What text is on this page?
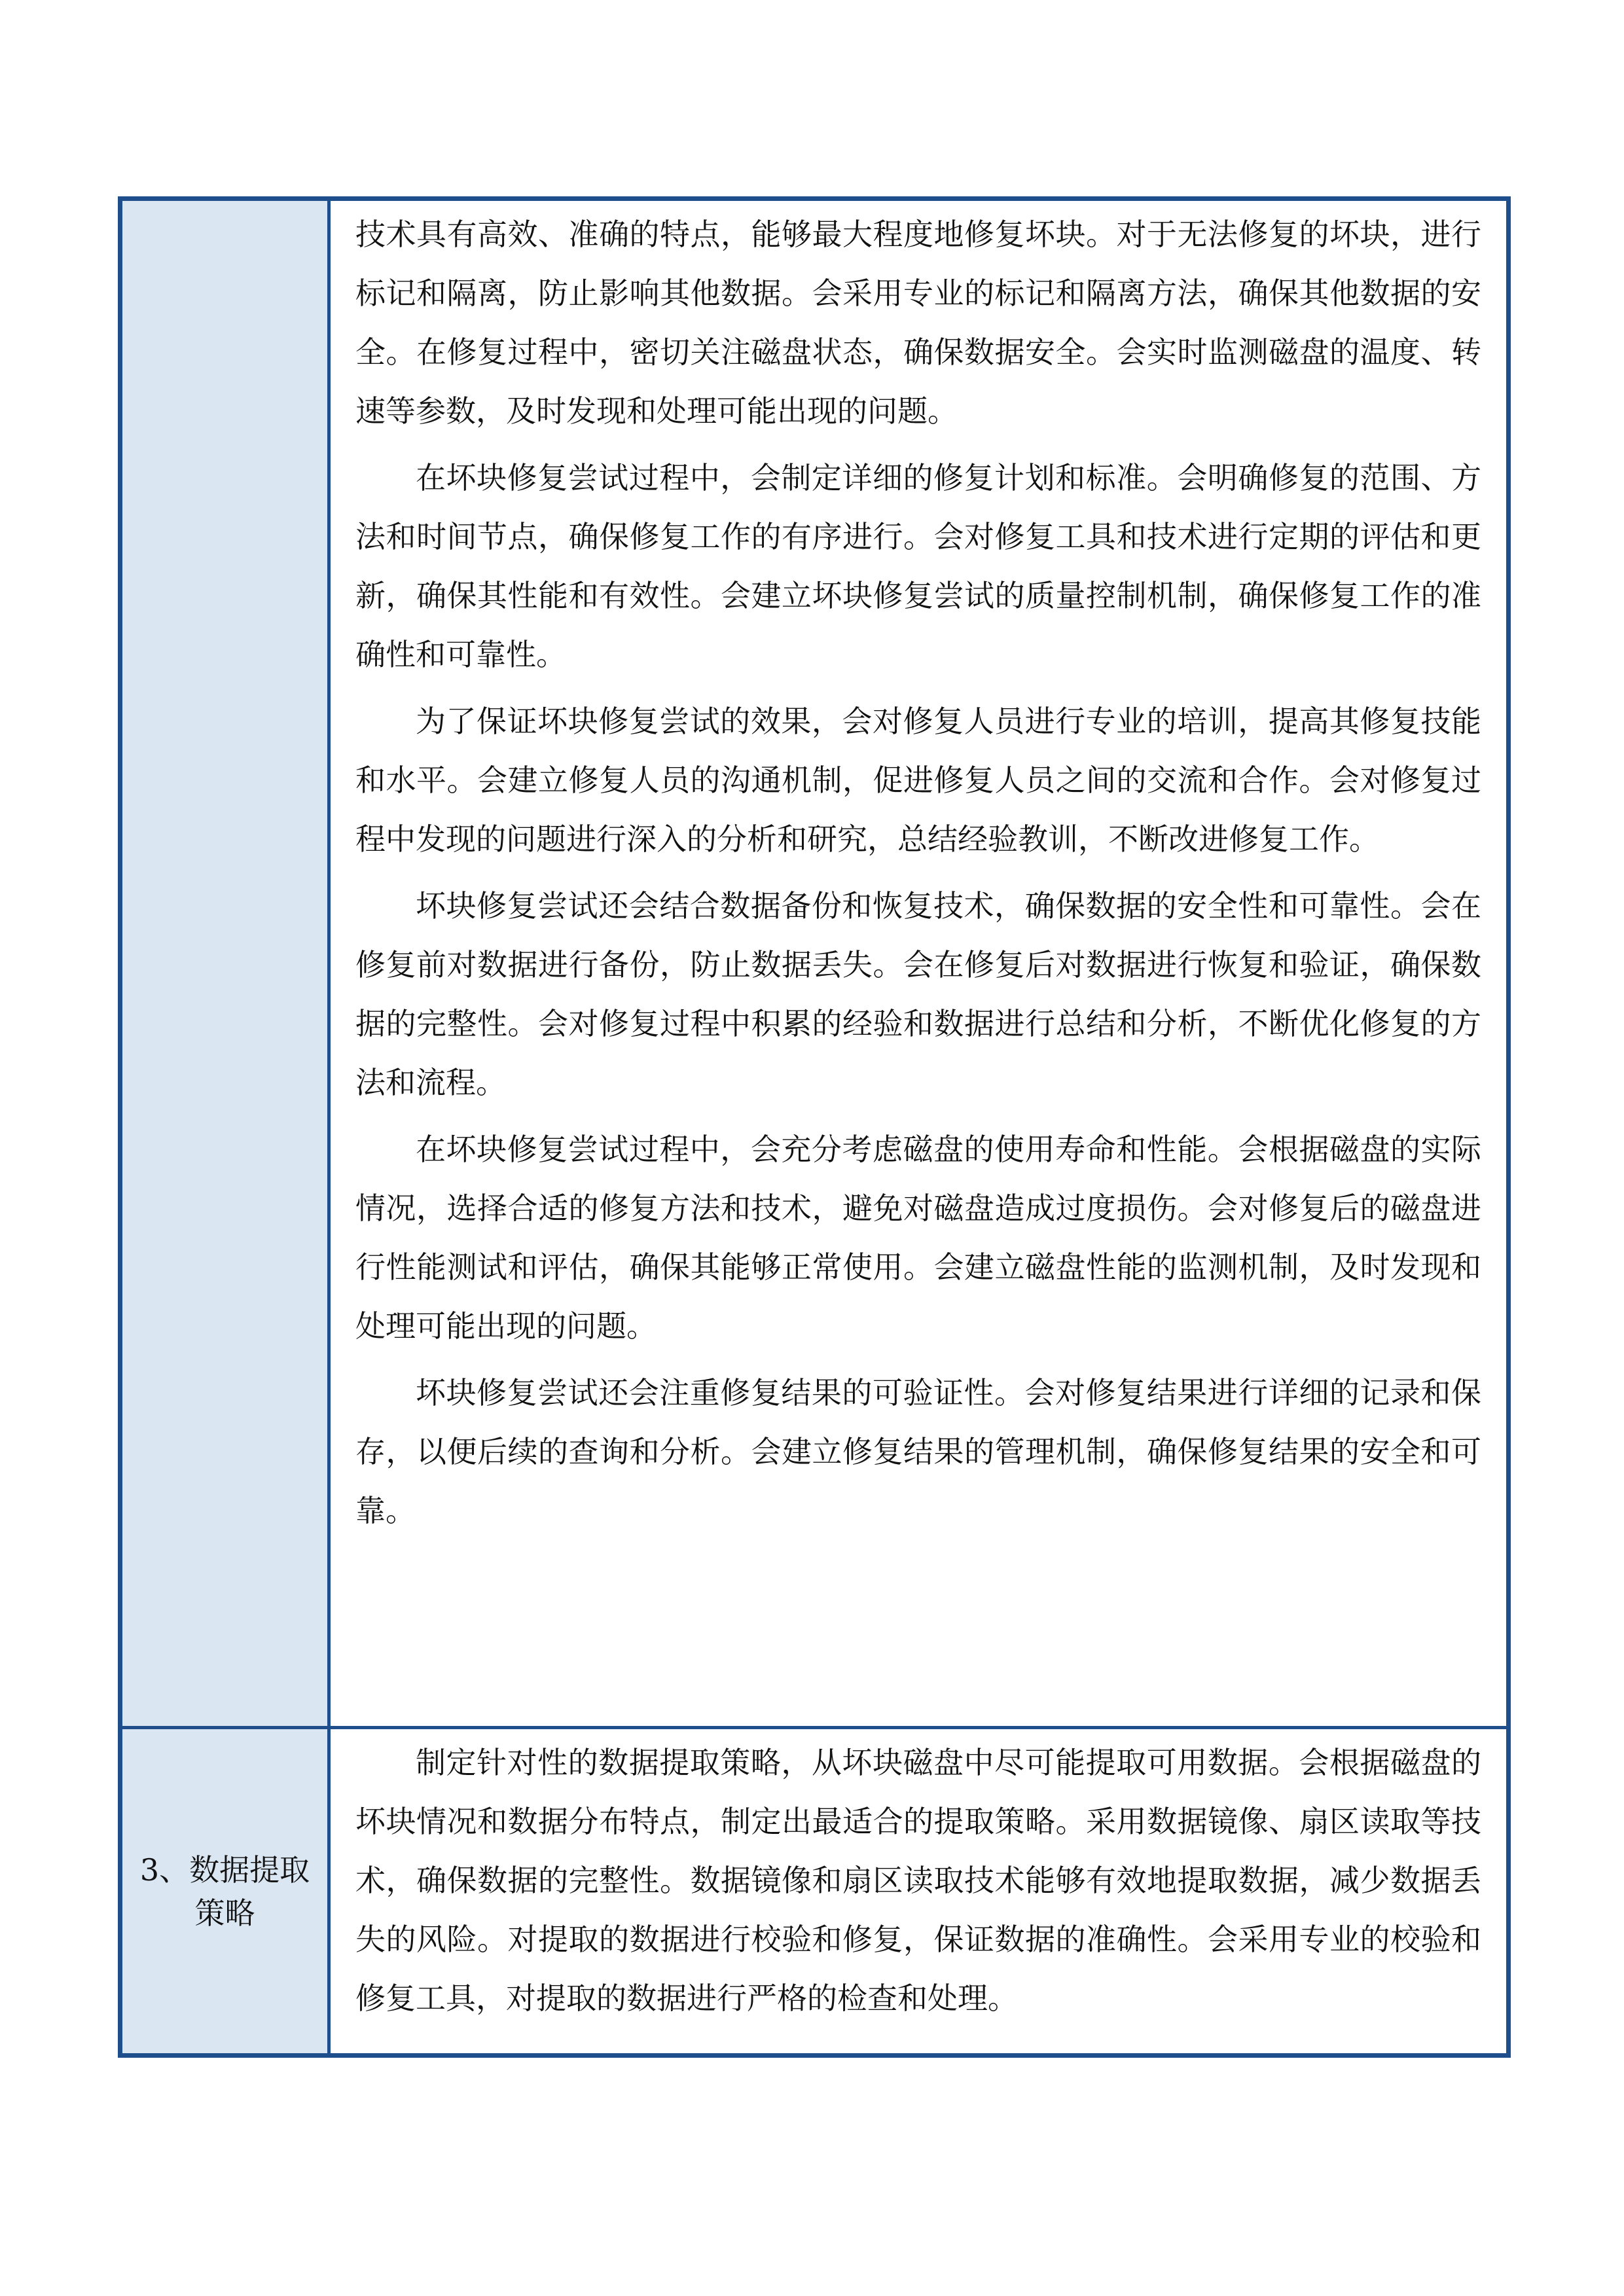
技术具有高效、准确的特点，能够最大程度地修复坏块。对于无法修复的坏块，进行标记和隔离，防止影响其他数据。会采用专业的标记和隔离方法，确保其他数据的安全。在修复过程中，密切关注磁盘状态，确保数据安全。会实时监测磁盘的温度、转速等参数，及时发现和处理可能出现的问题。

在坏块修复尝试过程中，会制定详细的修复计划和标准。会明确修复的范围、方法和时间节点，确保修复工作的有序进行。会对修复工具和技术进行定期的评估和更新，确保其性能和有效性。会建立坏块修复尝试的质量控制机制，确保修复工作的准确性和可靠性。

为了保证坏块修复尝试的效果，会对修复人员进行专业的培训，提高其修复技能和水平。会建立修复人员的沟通机制，促进修复人员之间的交流和合作。会对修复过程中发现的问题进行深入的分析和研究，总结经验教训，不断改进修复工作。

坏块修复尝试还会结合数据备份和恢复技术，确保数据的安全性和可靠性。会在修复前对数据进行备份，防止数据丢失。会在修复后对数据进行恢复和验证，确保数据的完整性。会对修复过程中积累的经验和数据进行总结和分析，不断优化修复的方法和流程。

在坏块修复尝试过程中，会充分考虑磁盘的使用寿命和性能。会根据磁盘的实际情况，选择合适的修复方法和技术，避免对磁盘造成过度损伤。会对修复后的磁盘进行性能测试和评估，确保其能够正常使用。会建立磁盘性能的监测机制，及时发现和处理可能出现的问题。

坏块修复尝试还会注重修复结果的可验证性。会对修复结果进行详细的记录和保存，以便后续的查询和分析。会建立修复结果的管理机制，确保修复结果的安全和可靠。

3、数据提取策略

制定针对性的数据提取策略，从坏块磁盘中尽可能提取可用数据。会根据磁盘的坏块情况和数据分布特点，制定出最适合的提取策略。采用数据镜像、扇区读取等技术，确保数据的完整性。数据镜像和扇区读取技术能够有效地提取数据，减少数据丢失的风险。对提取的数据进行校验和修复，保证数据的准确性。会采用专业的校验和修复工具，对提取的数据进行严格的检查和处理。
